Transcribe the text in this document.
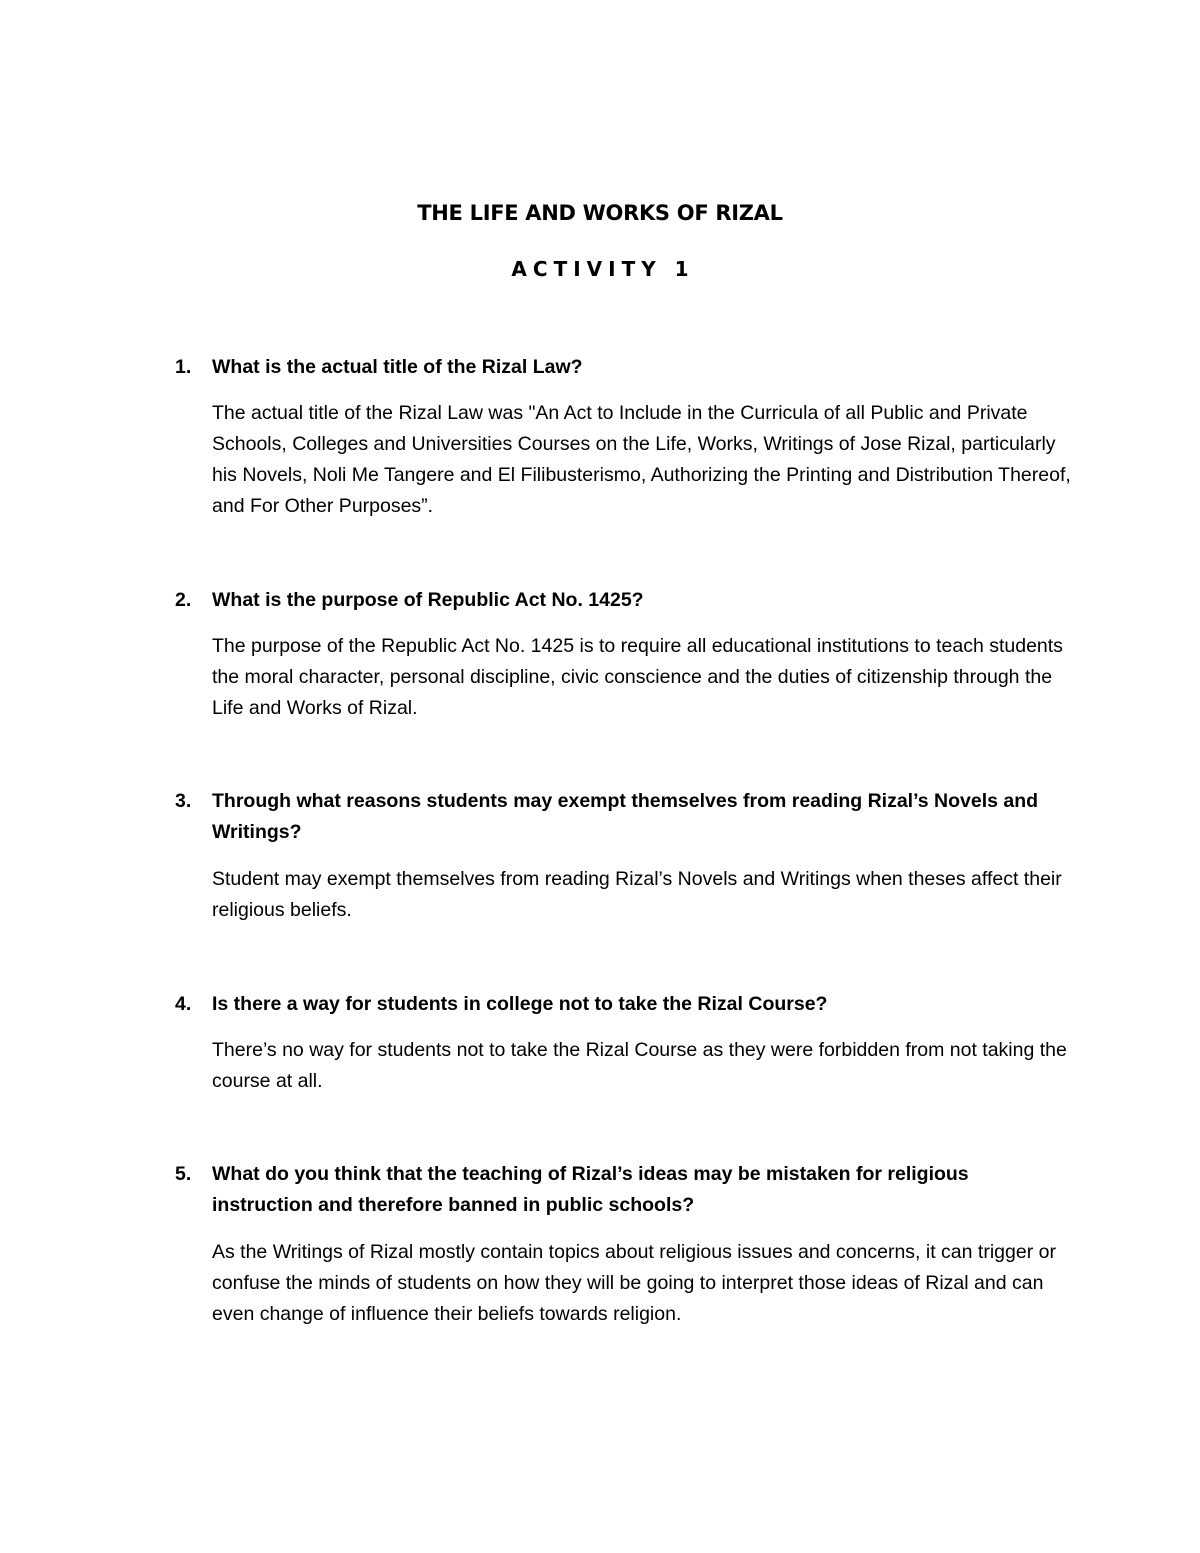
THE LIFE AND WORKS OF RIZAL
ACTIVITY 1
1. What is the actual title of the Rizal Law?
The actual title of the Rizal Law was "An Act to Include in the Curricula of all Public and Private Schools, Colleges and Universities Courses on the Life, Works, Writings of Jose Rizal, particularly his Novels, Noli Me Tangere and El Filibusterismo, Authorizing the Printing and Distribution Thereof, and For Other Purposes”.
2. What is the purpose of Republic Act No. 1425?
The purpose of the Republic Act No. 1425 is to require all educational institutions to teach students the moral character, personal discipline, civic conscience and the duties of citizenship through the Life and Works of Rizal.
3. Through what reasons students may exempt themselves from reading Rizal’s Novels and Writings?
Student may exempt themselves from reading Rizal’s Novels and Writings when theses affect their religious beliefs.
4. Is there a way for students in college not to take the Rizal Course?
There’s no way for students not to take the Rizal Course as they were forbidden from not taking the course at all.
5. What do you think that the teaching of Rizal’s ideas may be mistaken for religious instruction and therefore banned in public schools?
As the Writings of Rizal mostly contain topics about religious issues and concerns, it can trigger or confuse the minds of students on how they will be going to interpret those ideas of Rizal and can even change of influence their beliefs towards religion.
